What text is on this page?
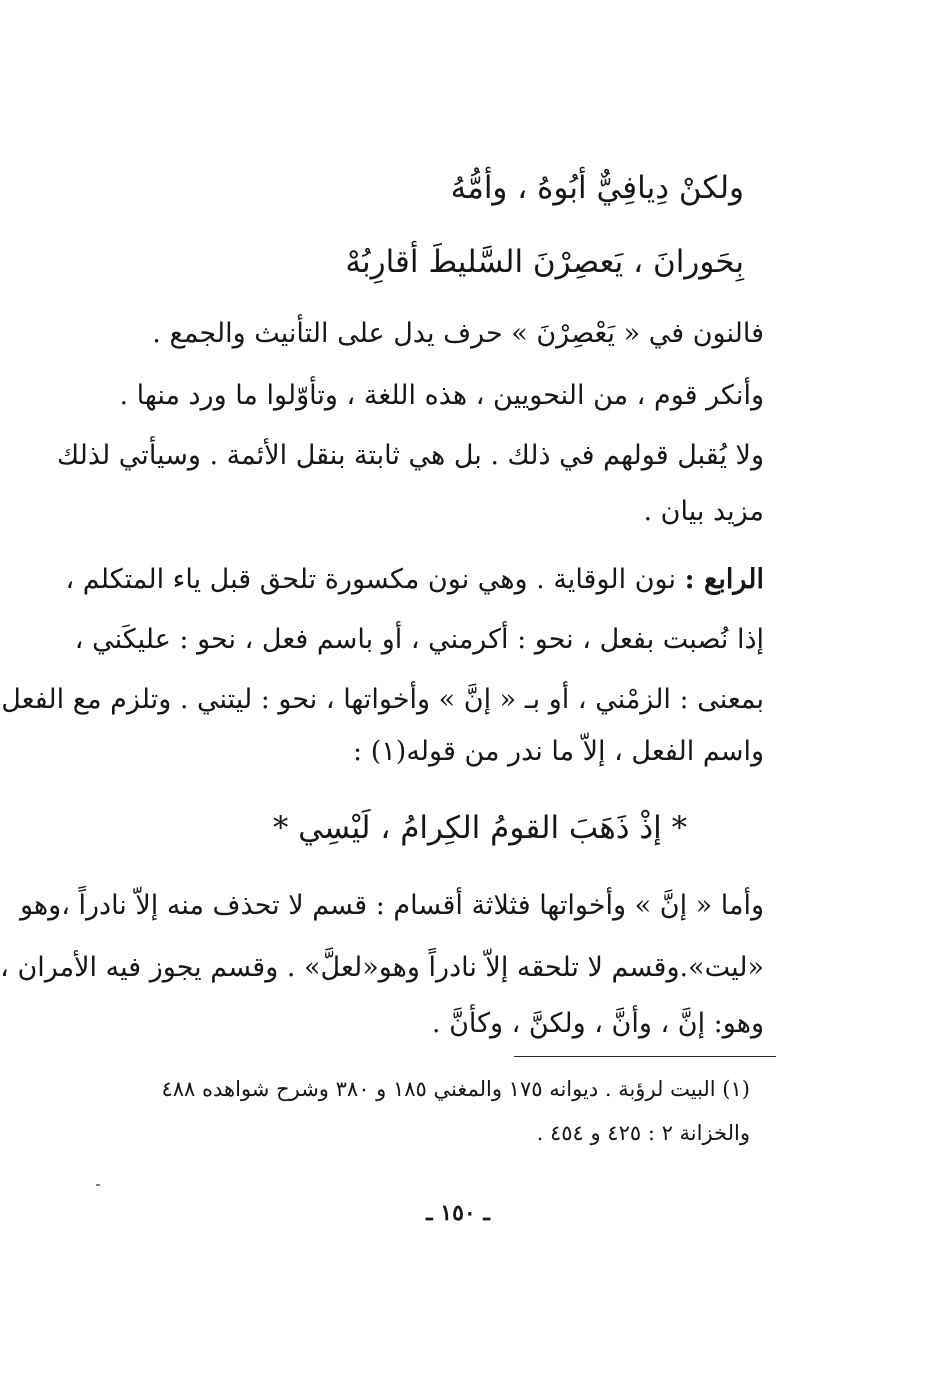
ولكنْ دِيافِيٌّ أبُوهُ ، وأمُّهُ
بِحَورانَ ، يَعصِرْنَ السَّليطَ أقارِبُهْ
فالنون في « يَعْصِرْنَ » حرف يدل على التأنيث والجمع .
وأنكر قوم ، من النحويين ، هذه اللغة ، وتأوّلوا ما ورد منها .
ولا يُقبل قولهم في ذلك . بل هي ثابتة بنقل الأئمة . وسيأتي لذلك
مزيد بيان .
الرابع : نون الوقاية . وهي نون مكسورة تلحق قبل ياء المتكلم ،
إذا نُصبت بفعل ، نحو : أكرمني ، أو باسم فعل ، نحو : عليكَني ،
بمعنى : الزمْني ، أو بـ « إنَّ » وأخواتها ، نحو : ليتني . وتلزم مع الفعل
واسم الفعل ، إلاّ ما ندر من قوله(١) :
* إذْ ذَهَبَ القومُ الكِرامُ ، لَيْسِي *
وأما « إنَّ » وأخواتها فثلاثة أقسام : قسم لا تحذف منه إلاّ نادراً ،وهو
«ليت».وقسم لا تلحقه إلاّ نادراً وهو«لعلَّ» . وقسم يجوز فيه الأمران ،
وهو: إنَّ ، وأنَّ ، ولكنَّ ، وكأنَّ .
(١) البيت لرؤبة . ديوانه ١٧٥ والمغني ١٨٥ و ٣٨٠ وشرح شواهده ٤٨٨
والخزانة ٢ : ٤٢٥ و ٤٥٤ .
ـ ١٥٠ ـ
